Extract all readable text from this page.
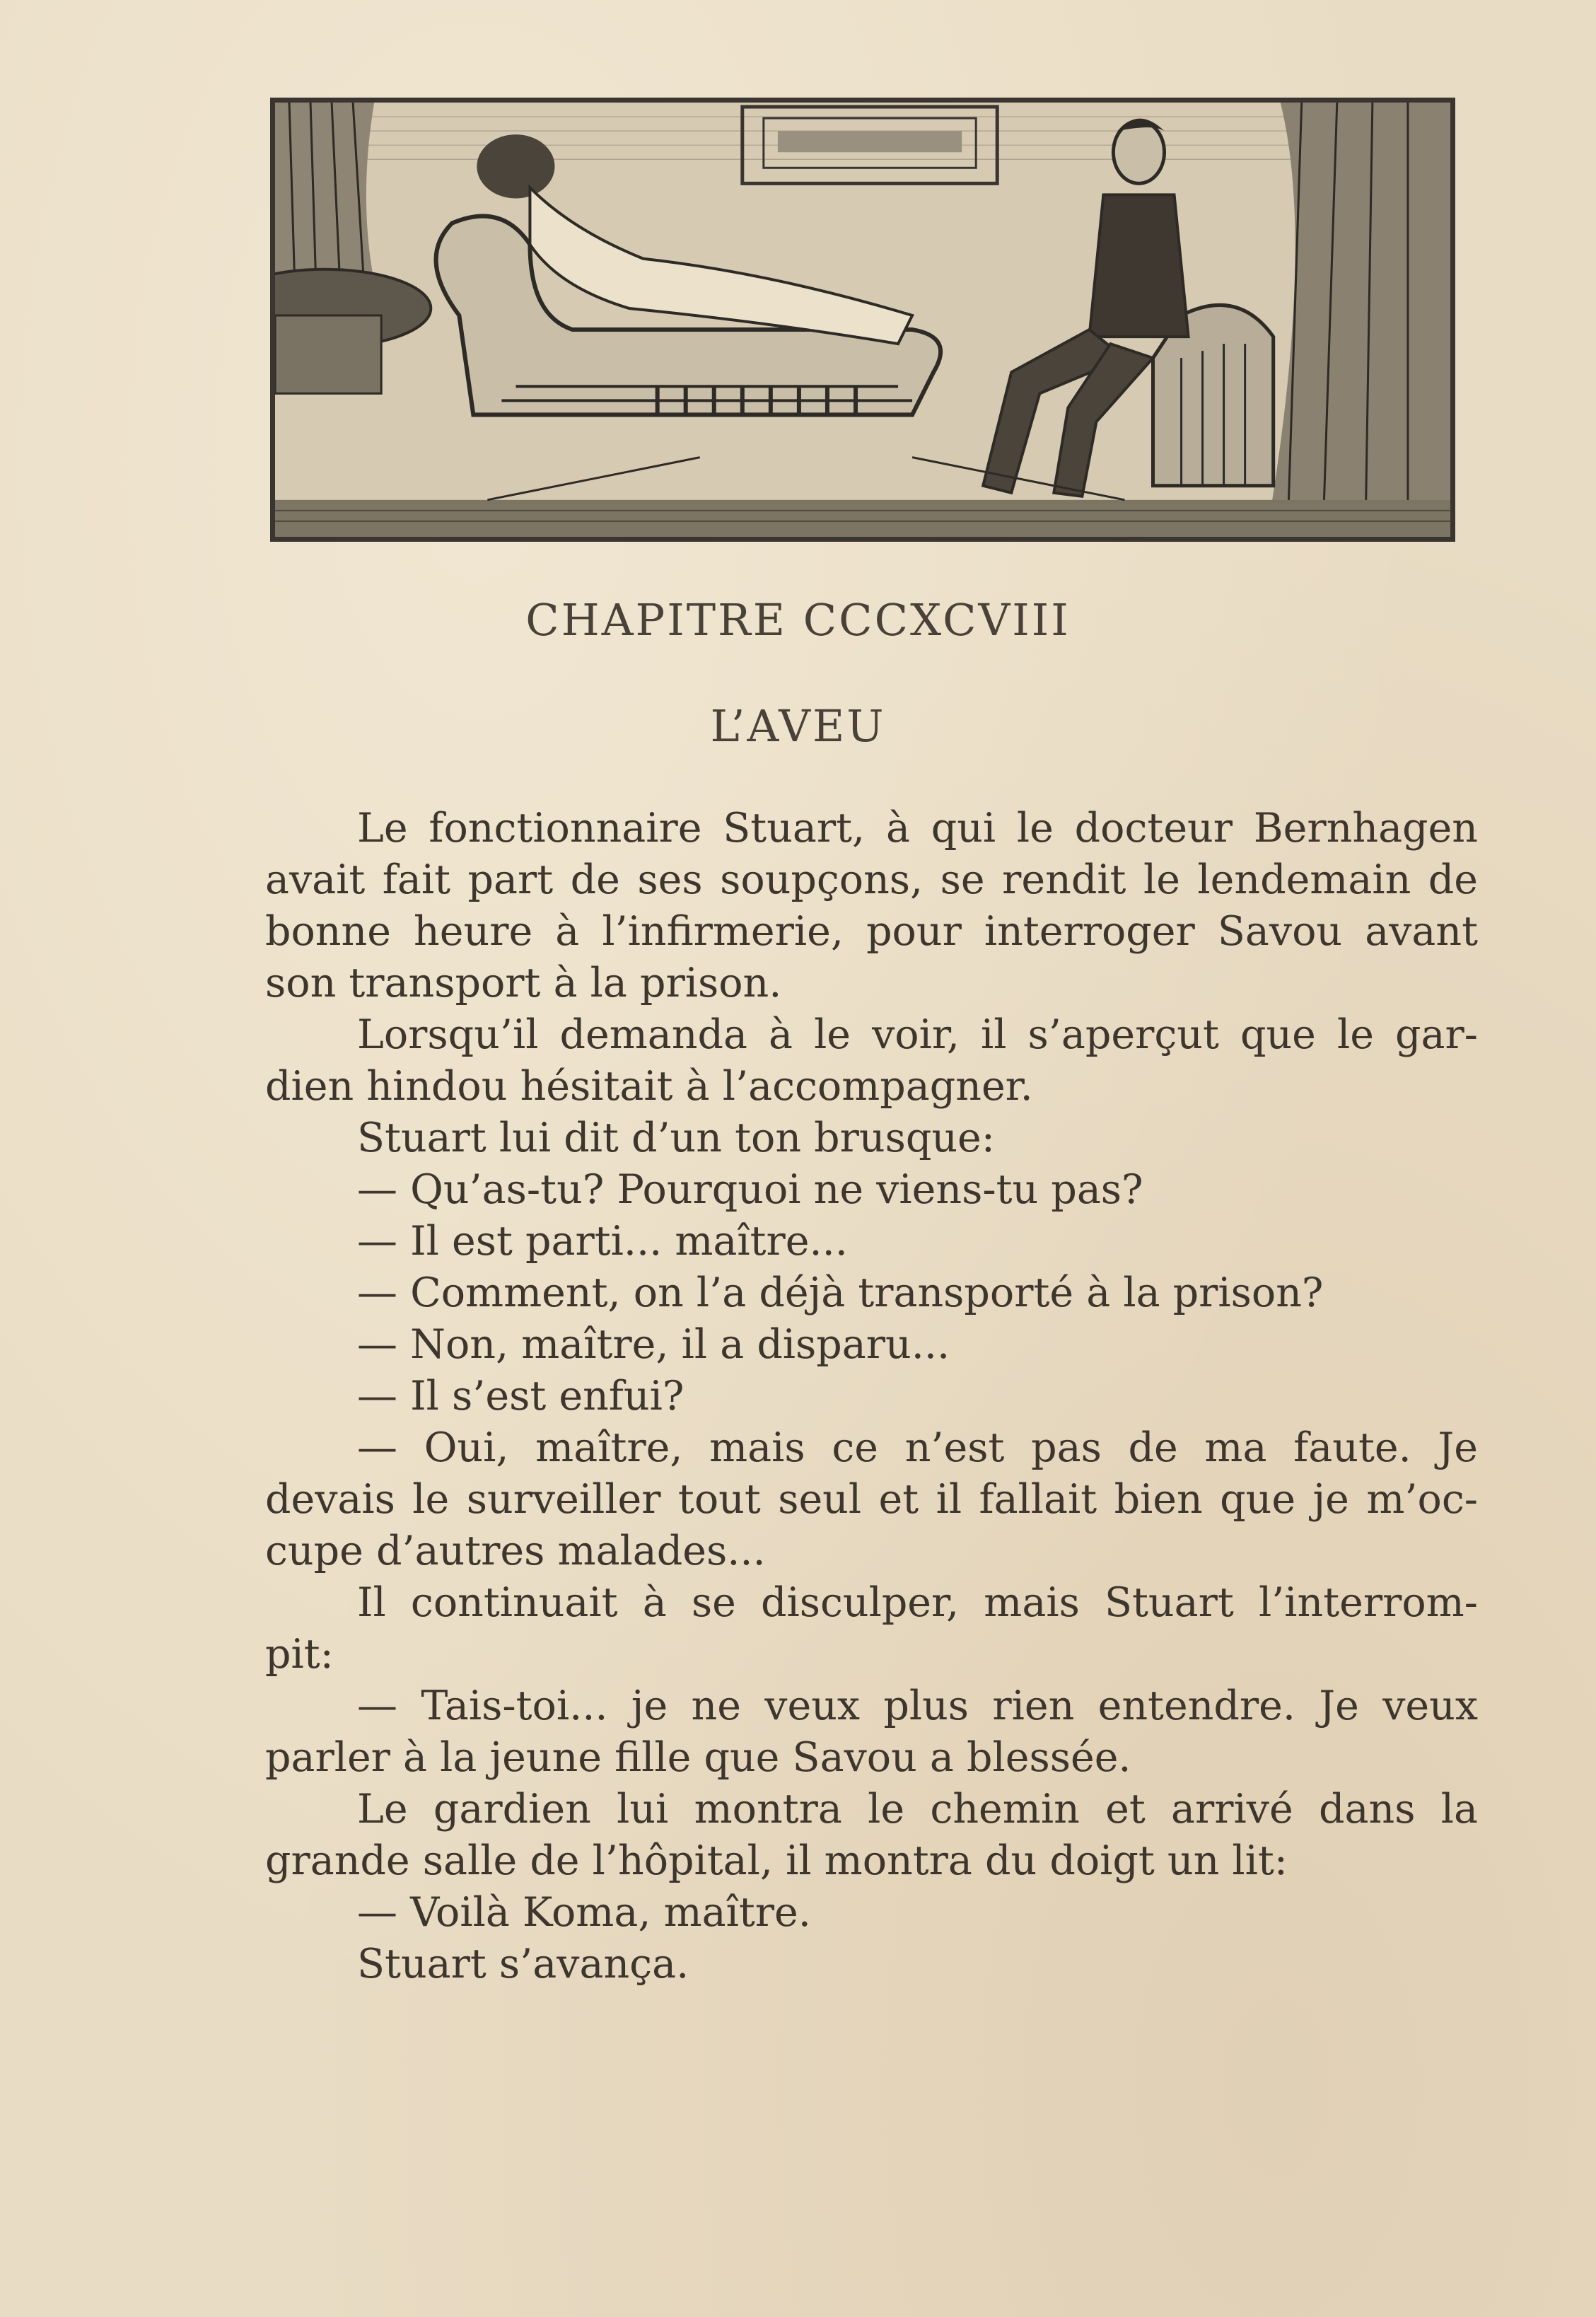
CHAPITRE CCCXCVIII
L’AVEU
Le fonctionnaire Stuart, à qui le docteur Bernhagen
avait fait part de ses soupçons, se rendit le lendemain de
bonne heure à l’infirmerie, pour interroger Savou avant
son transport à la prison.
Lorsqu’il demanda à le voir, il s’aperçut que le gar-
dien hindou hésitait à l’accompagner.
Stuart lui dit d’un ton brusque:
— Qu’as-tu? Pourquoi ne viens-tu pas?
— Il est parti... maître...
— Comment, on l’a déjà transporté à la prison?
— Non, maître, il a disparu...
— Il s’est enfui?
— Oui, maître, mais ce n’est pas de ma faute. Je
devais le surveiller tout seul et il fallait bien que je m’oc-
cupe d’autres malades...
Il continuait à se disculper, mais Stuart l’interrom-
pit:
— Tais-toi... je ne veux plus rien entendre. Je veux
parler à la jeune fille que Savou a blessée.
Le gardien lui montra le chemin et arrivé dans la
grande salle de l’hôpital, il montra du doigt un lit:
— Voilà Koma, maître.
Stuart s’avança.
